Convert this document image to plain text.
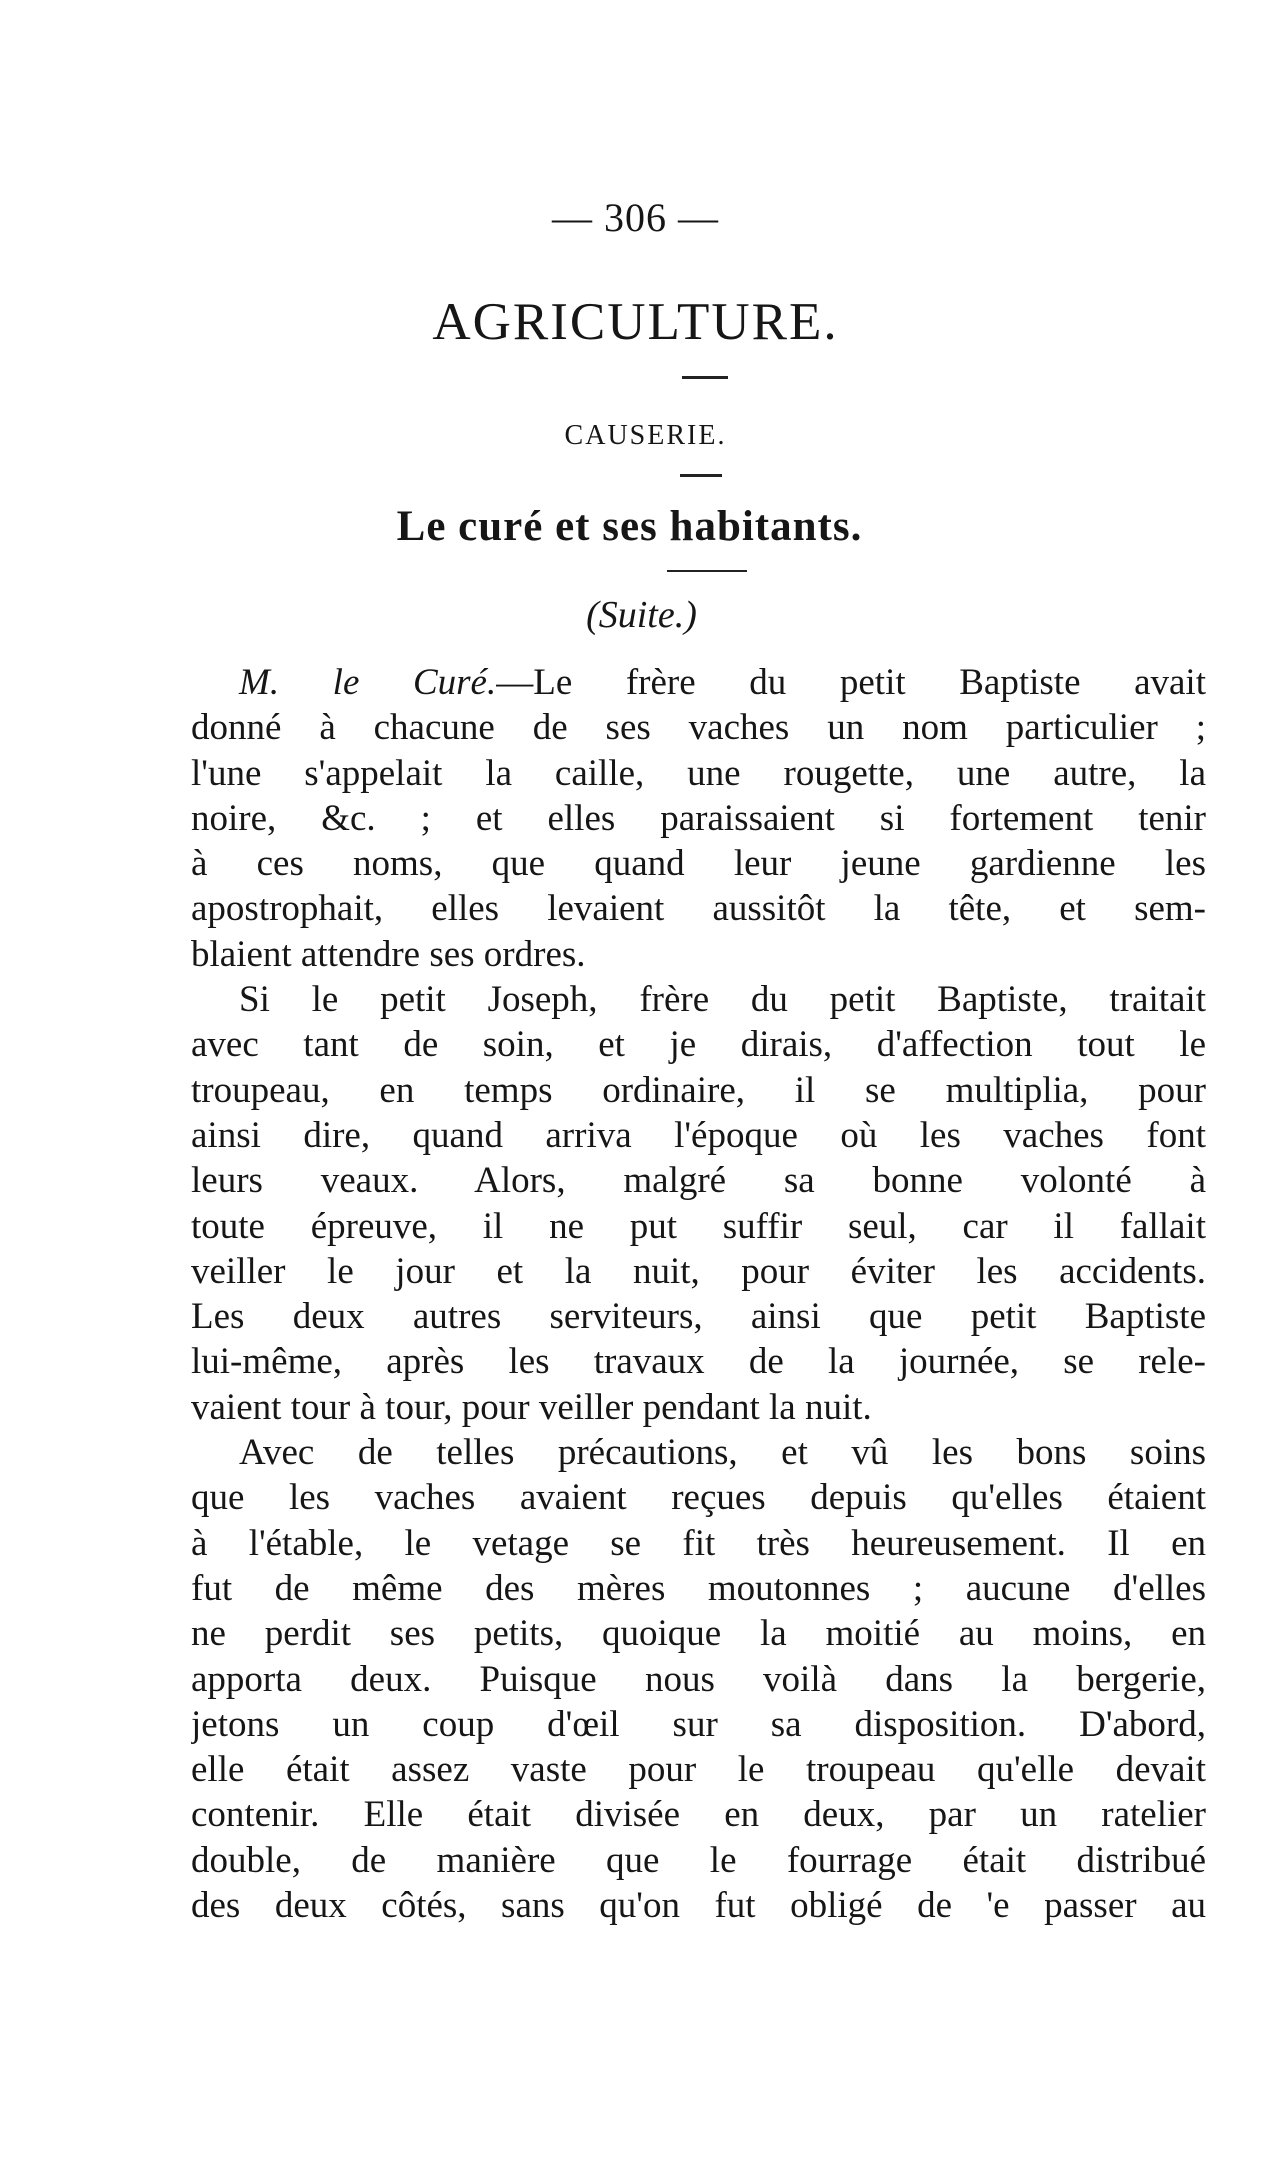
— 306 —
AGRICULTURE.
CAUSERIE.
Le curé et ses habitants.
(Suite.)
M. le Curé.—Le frère du petit Baptiste avait
donné à chacune de ses vaches un nom particulier ;
l'une s'appelait la caille, une rougette, une autre, la
noire, &c. ; et elles paraissaient si fortement tenir
à ces noms, que quand leur jeune gardienne les
apostrophait, elles levaient aussitôt la tête, et sem-
blaient attendre ses ordres.
Si le petit Joseph, frère du petit Baptiste, traitait
avec tant de soin, et je dirais, d'affection tout le
troupeau, en temps ordinaire, il se multiplia, pour
ainsi dire, quand arriva l'époque où les vaches font
leurs veaux. Alors, malgré sa bonne volonté à
toute épreuve, il ne put suffir seul, car il fallait
veiller le jour et la nuit, pour éviter les accidents.
Les deux autres serviteurs, ainsi que petit Baptiste
lui-même, après les travaux de la journée, se rele-
vaient tour à tour, pour veiller pendant la nuit.
Avec de telles précautions, et vû les bons soins
que les vaches avaient reçues depuis qu'elles étaient
à l'étable, le vetage se fit très heureusement. Il en
fut de même des mères moutonnes ; aucune d'elles
ne perdit ses petits, quoique la moitié au moins, en
apporta deux. Puisque nous voilà dans la bergerie,
jetons un coup d'œil sur sa disposition. D'abord,
elle était assez vaste pour le troupeau qu'elle devait
contenir. Elle était divisée en deux, par un ratelier
double, de manière que le fourrage était distribué
des deux côtés, sans qu'on fut obligé de 'e passer au
